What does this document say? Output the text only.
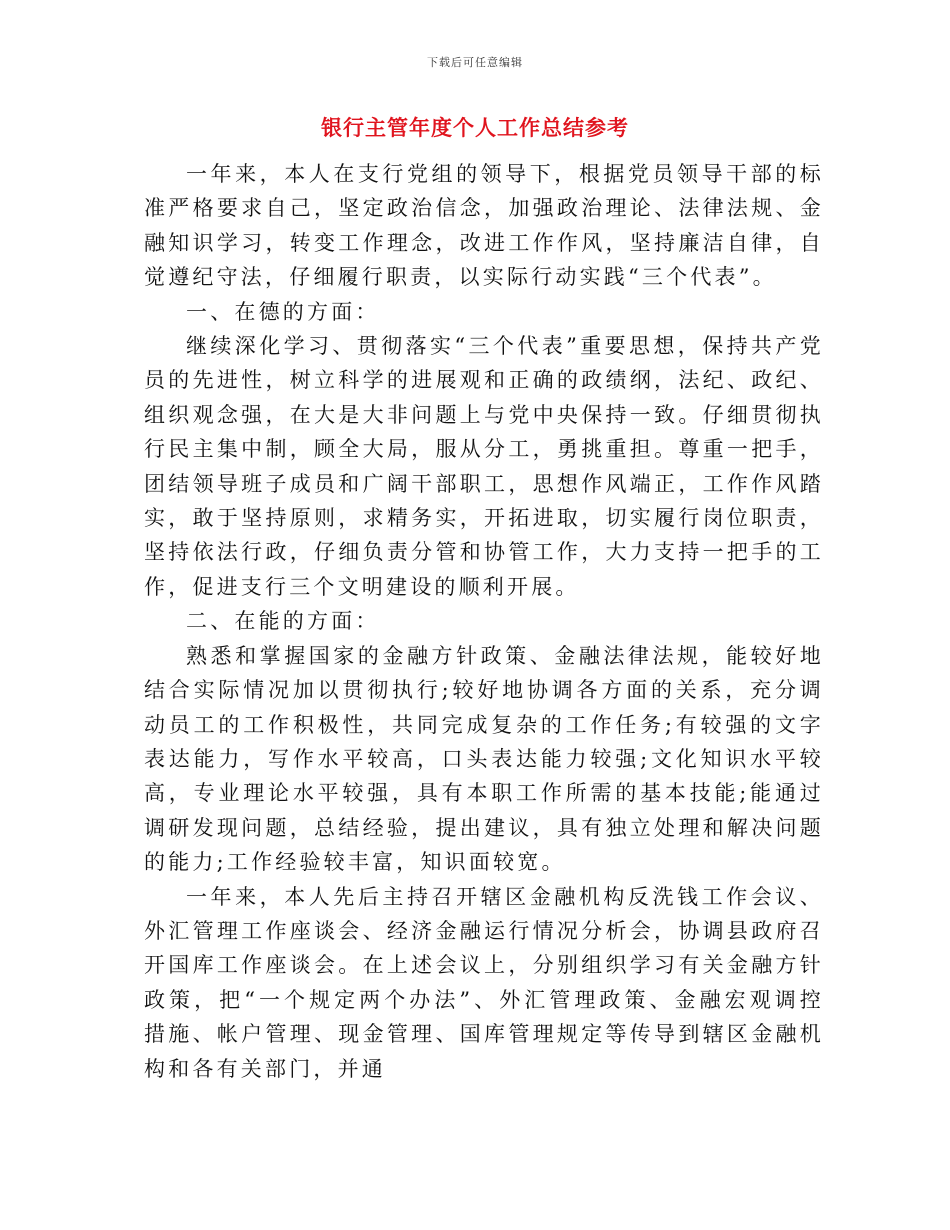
下载后可任意编辑
银行主管年度个人工作总结参考

一年来，本人在支行党组的领导下，根据党员领导干部的标准严格要求自己，坚定政治信念，加强政治理论、法律法规、金融知识学习，转变工作理念，改进工作作风，坚持廉洁自律，自觉遵纪守法，仔细履行职责，以实际行动实践“三个代表”。

一、在德的方面：

继续深化学习、贯彻落实“三个代表”重要思想，保持共产党员的先进性，树立科学的进展观和正确的政绩纲，法纪、政纪、组织观念强，在大是大非问题上与党中央保持一致。仔细贯彻执行民主集中制，顾全大局，服从分工，勇挑重担。尊重一把手，团结领导班子成员和广阔干部职工，思想作风端正，工作作风踏实，敢于坚持原则，求精务实，开拓进取，切实履行岗位职责，坚持依法行政，仔细负责分管和协管工作，大力支持一把手的工作，促进支行三个文明建设的顺利开展。

二、在能的方面：

熟悉和掌握国家的金融方针政策、金融法律法规，能较好地结合实际情况加以贯彻执行;较好地协调各方面的关系，充分调动员工的工作积极性，共同完成复杂的工作任务;有较强的文字表达能力，写作水平较高，口头表达能力较强;文化知识水平较高，专业理论水平较强，具有本职工作所需的基本技能;能通过调研发现问题，总结经验，提出建议，具有独立处理和解决问题的能力;工作经验较丰富，知识面较宽。

一年来，本人先后主持召开辖区金融机构反洗钱工作会议、外汇管理工作座谈会、经济金融运行情况分析会，协调县政府召开国库工作座谈会。在上述会议上，分别组织学习有关金融方针政策，把“一个规定两个办法”、外汇管理政策、金融宏观调控措施、帐户管理、现金管理、国库管理规定等传导到辖区金融机构和各有关部门，并通
